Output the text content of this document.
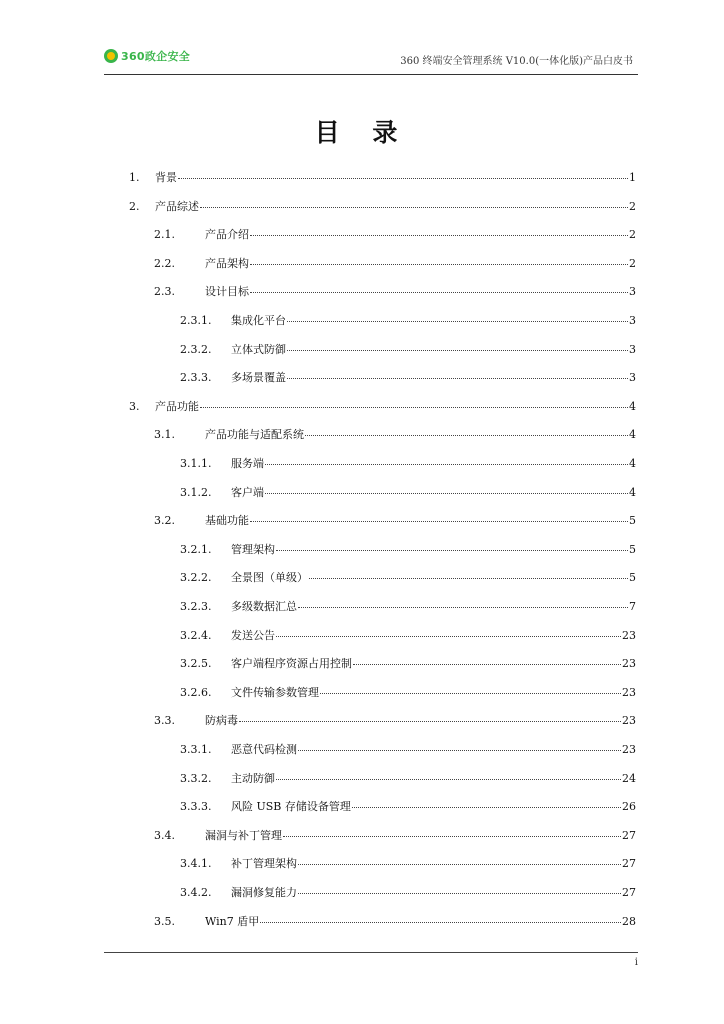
360政企安全	360 终端安全管理系统 V10.0(一体化版)产品白皮书
目 录
1.	背景	1
2.	产品综述	2
2.1.	产品介绍	2
2.2.	产品架构	2
2.3.	设计目标	3
2.3.1.	集成化平台	3
2.3.2.	立体式防御	3
2.3.3.	多场景覆盖	3
3.	产品功能	4
3.1.	产品功能与适配系统	4
3.1.1.	服务端	4
3.1.2.	客户端	4
3.2.	基础功能	5
3.2.1.	管理架构	5
3.2.2.	全景图（单级）	5
3.2.3.	多级数据汇总	7
3.2.4.	发送公告	23
3.2.5.	客户端程序资源占用控制	23
3.2.6.	文件传输参数管理	23
3.3.	防病毒	23
3.3.1.	恶意代码检测	23
3.3.2.	主动防御	24
3.3.3.	风险 USB 存储设备管理	26
3.4.	漏洞与补丁管理	27
3.4.1.	补丁管理架构	27
3.4.2.	漏洞修复能力	27
3.5.	Win7 盾甲	28
i
